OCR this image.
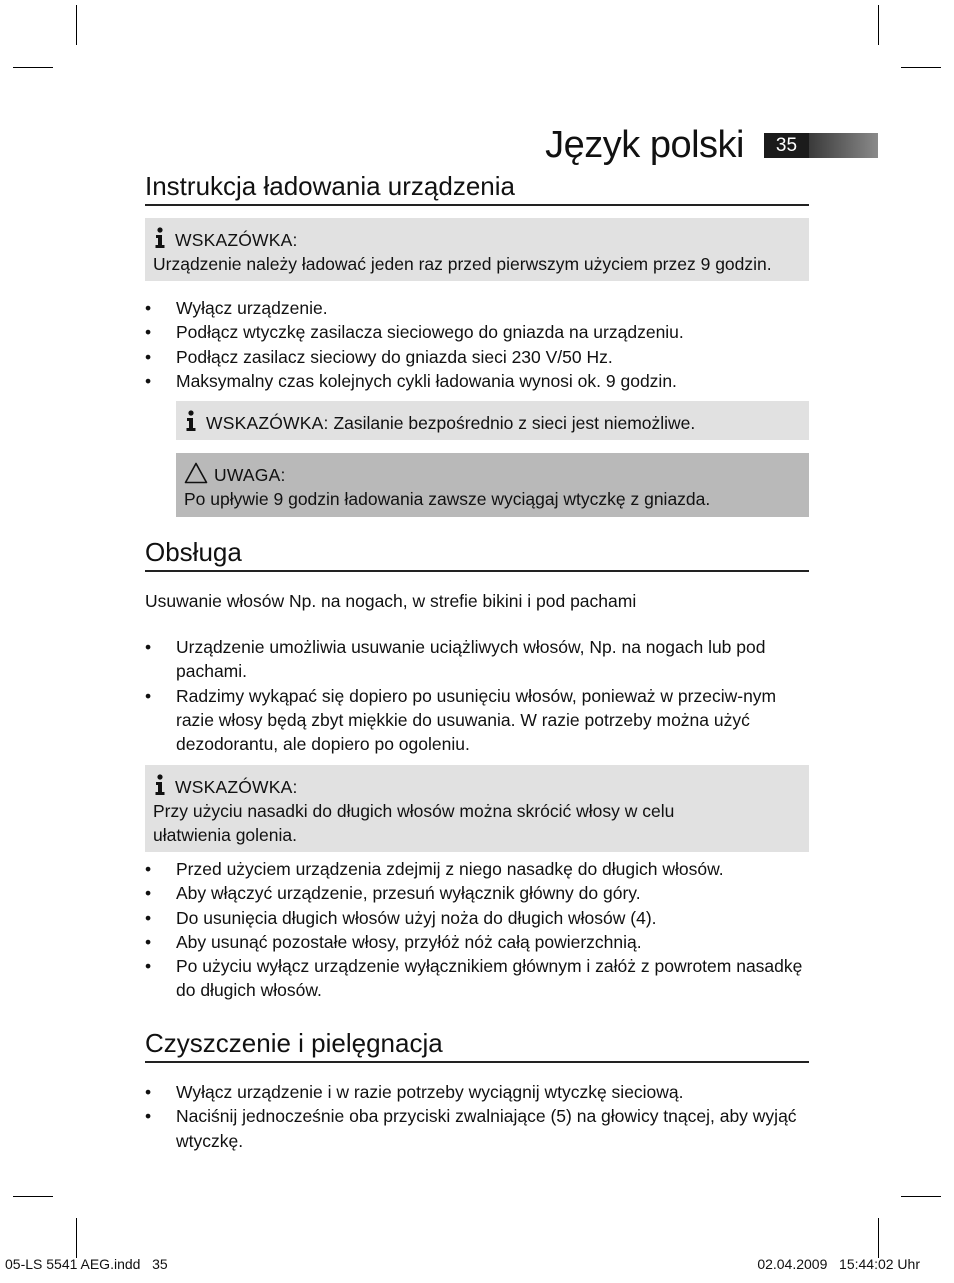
Język polski	35
Instrukcja ładowania urządzenia
WSKAZÓWKA:
Urządzenie należy ładować jeden raz przed pierwszym użyciem przez 9 godzin.
• Wyłącz urządzenie.
• Podłącz wtyczkę zasilacza sieciowego do gniazda na urządzeniu.
• Podłącz zasilacz sieciowy do gniazda sieci 230 V/50 Hz.
• Maksymalny czas kolejnych cykli ładowania wynosi ok. 9 godzin.
WSKAZÓWKA: Zasilanie bezpośrednio z sieci jest niemożliwe.
UWAGA:
Po upływie 9 godzin ładowania zawsze wyciągaj wtyczkę z gniazda.
Obsługa
Usuwanie włosów Np. na nogach, w strefie bikini i pod pachami
• Urządzenie umożliwia usuwanie uciążliwych włosów, Np. na nogach lub pod pachami.
• Radzimy wykąpać się dopiero po usunięciu włosów, ponieważ w przeciw-nym razie włosy będą zbyt miękkie do usuwania. W razie potrzeby można użyć dezodorantu, ale dopiero po ogoleniu.
WSKAZÓWKA:
Przy użyciu nasadki do długich włosów można skrócić włosy w celu ułatwienia golenia.
• Przed użyciem urządzenia zdejmij z niego nasadkę do długich włosów.
• Aby włączyć urządzenie, przesuń wyłącznik główny do góry.
• Do usunięcia długich włosów użyj noża do długich włosów (4).
• Aby usunąć pozostałe włosy, przyłóż nóż całą powierzchnią.
• Po użyciu wyłącz urządzenie wyłącznikiem głównym i załóż z powrotem nasadkę do długich włosów.
Czyszczenie i pielęgnacja
• Wyłącz urządzenie i w razie potrzeby wyciągnij wtyczkę sieciową.
• Naciśnij jednocześnie oba przyciski zwalniające (5) na głowicy tnącej, aby wyjąć wtyczkę.
05-LS 5541 AEG.indd   35	02.04.2009   15:44:02 Uhr
